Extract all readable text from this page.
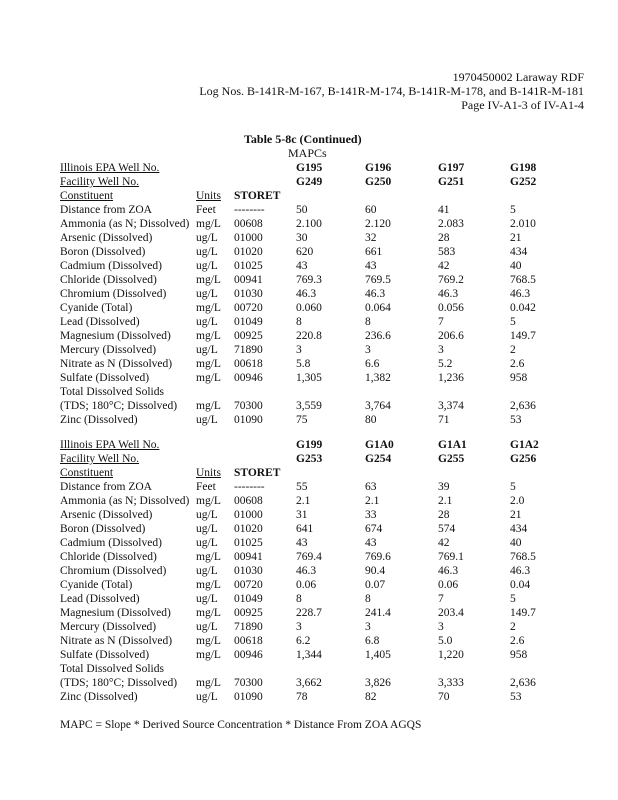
1970450002 Laraway RDF
Log Nos. B-141R-M-167, B-141R-M-174, B-141R-M-178, and B-141R-M-181
Page IV-A1-3 of IV-A1-4
Table 5-8c (Continued)
MAPCs
Illinois EPA Well No.	G195	G196	G197	G198
Facility Well No.	G249	G250	G251	G252
Constituent	Units STORET
Distance from ZOA	Feet --------	50	60	41	5
Ammonia (as N; Dissolved) mg/L 00608	2.100	2.120	2.083	2.010
Arsenic (Dissolved)	ug/L 01000	30	32	28	21
Boron (Dissolved)	ug/L 01020	620	661	583	434
Cadmium (Dissolved)	ug/L 01025	43	43	42	40
Chloride (Dissolved)	mg/L 00941	769.3	769.5	769.2	768.5
Chromium (Dissolved)	ug/L 01030	46.3	46.3	46.3	46.3
Cyanide (Total)	mg/L 00720	0.060	0.064	0.056	0.042
Lead (Dissolved)	ug/L 01049	8	8	7	5
Magnesium (Dissolved) mg/L 00925	220.8	236.6	206.6	149.7
Mercury (Dissolved)	ug/L 71890	3	3	3	2
Nitrate as N (Dissolved) mg/L 00618	5.8	6.6	5.2	2.6
Sulfate (Dissolved)	mg/L 00946	1,305	1,382	1,236	958
Total Dissolved Solids
(TDS; 180°C; Dissolved) mg/L 70300	3,559	3,764	3,374	2,636
Zinc (Dissolved)	ug/L 01090	75	80	71	53
Illinois EPA Well No.	G199	G1A0	G1A1	G1A2
Facility Well No.	G253	G254	G255	G256
Constituent	Units STORET
Distance from ZOA	Feet --------	55	63	39	5
Ammonia (as N; Dissolved) mg/L 00608	2.1	2.1	2.1	2.0
Arsenic (Dissolved)	ug/L 01000	31	33	28	21
Boron (Dissolved)	ug/L 01020	641	674	574	434
Cadmium (Dissolved)	ug/L 01025	43	43	42	40
Chloride (Dissolved)	mg/L 00941	769.4	769.6	769.1	768.5
Chromium (Dissolved)	ug/L 01030	46.3	90.4	46.3	46.3
Cyanide (Total)	mg/L 00720	0.06	0.07	0.06	0.04
Lead (Dissolved)	ug/L 01049	8	8	7	5
Magnesium (Dissolved) mg/L 00925	228.7	241.4	203.4	149.7
Mercury (Dissolved)	ug/L 71890	3	3	3	2
Nitrate as N (Dissolved) mg/L 00618	6.2	6.8	5.0	2.6
Sulfate (Dissolved)	mg/L 00946	1,344	1,405	1,220	958
Total Dissolved Solids
(TDS; 180°C; Dissolved) mg/L 70300	3,662	3,826	3,333	2,636
Zinc (Dissolved)	ug/L 01090	78	82	70	53
MAPC = Slope * Derived Source Concentration * Distance From ZOA AGQS
